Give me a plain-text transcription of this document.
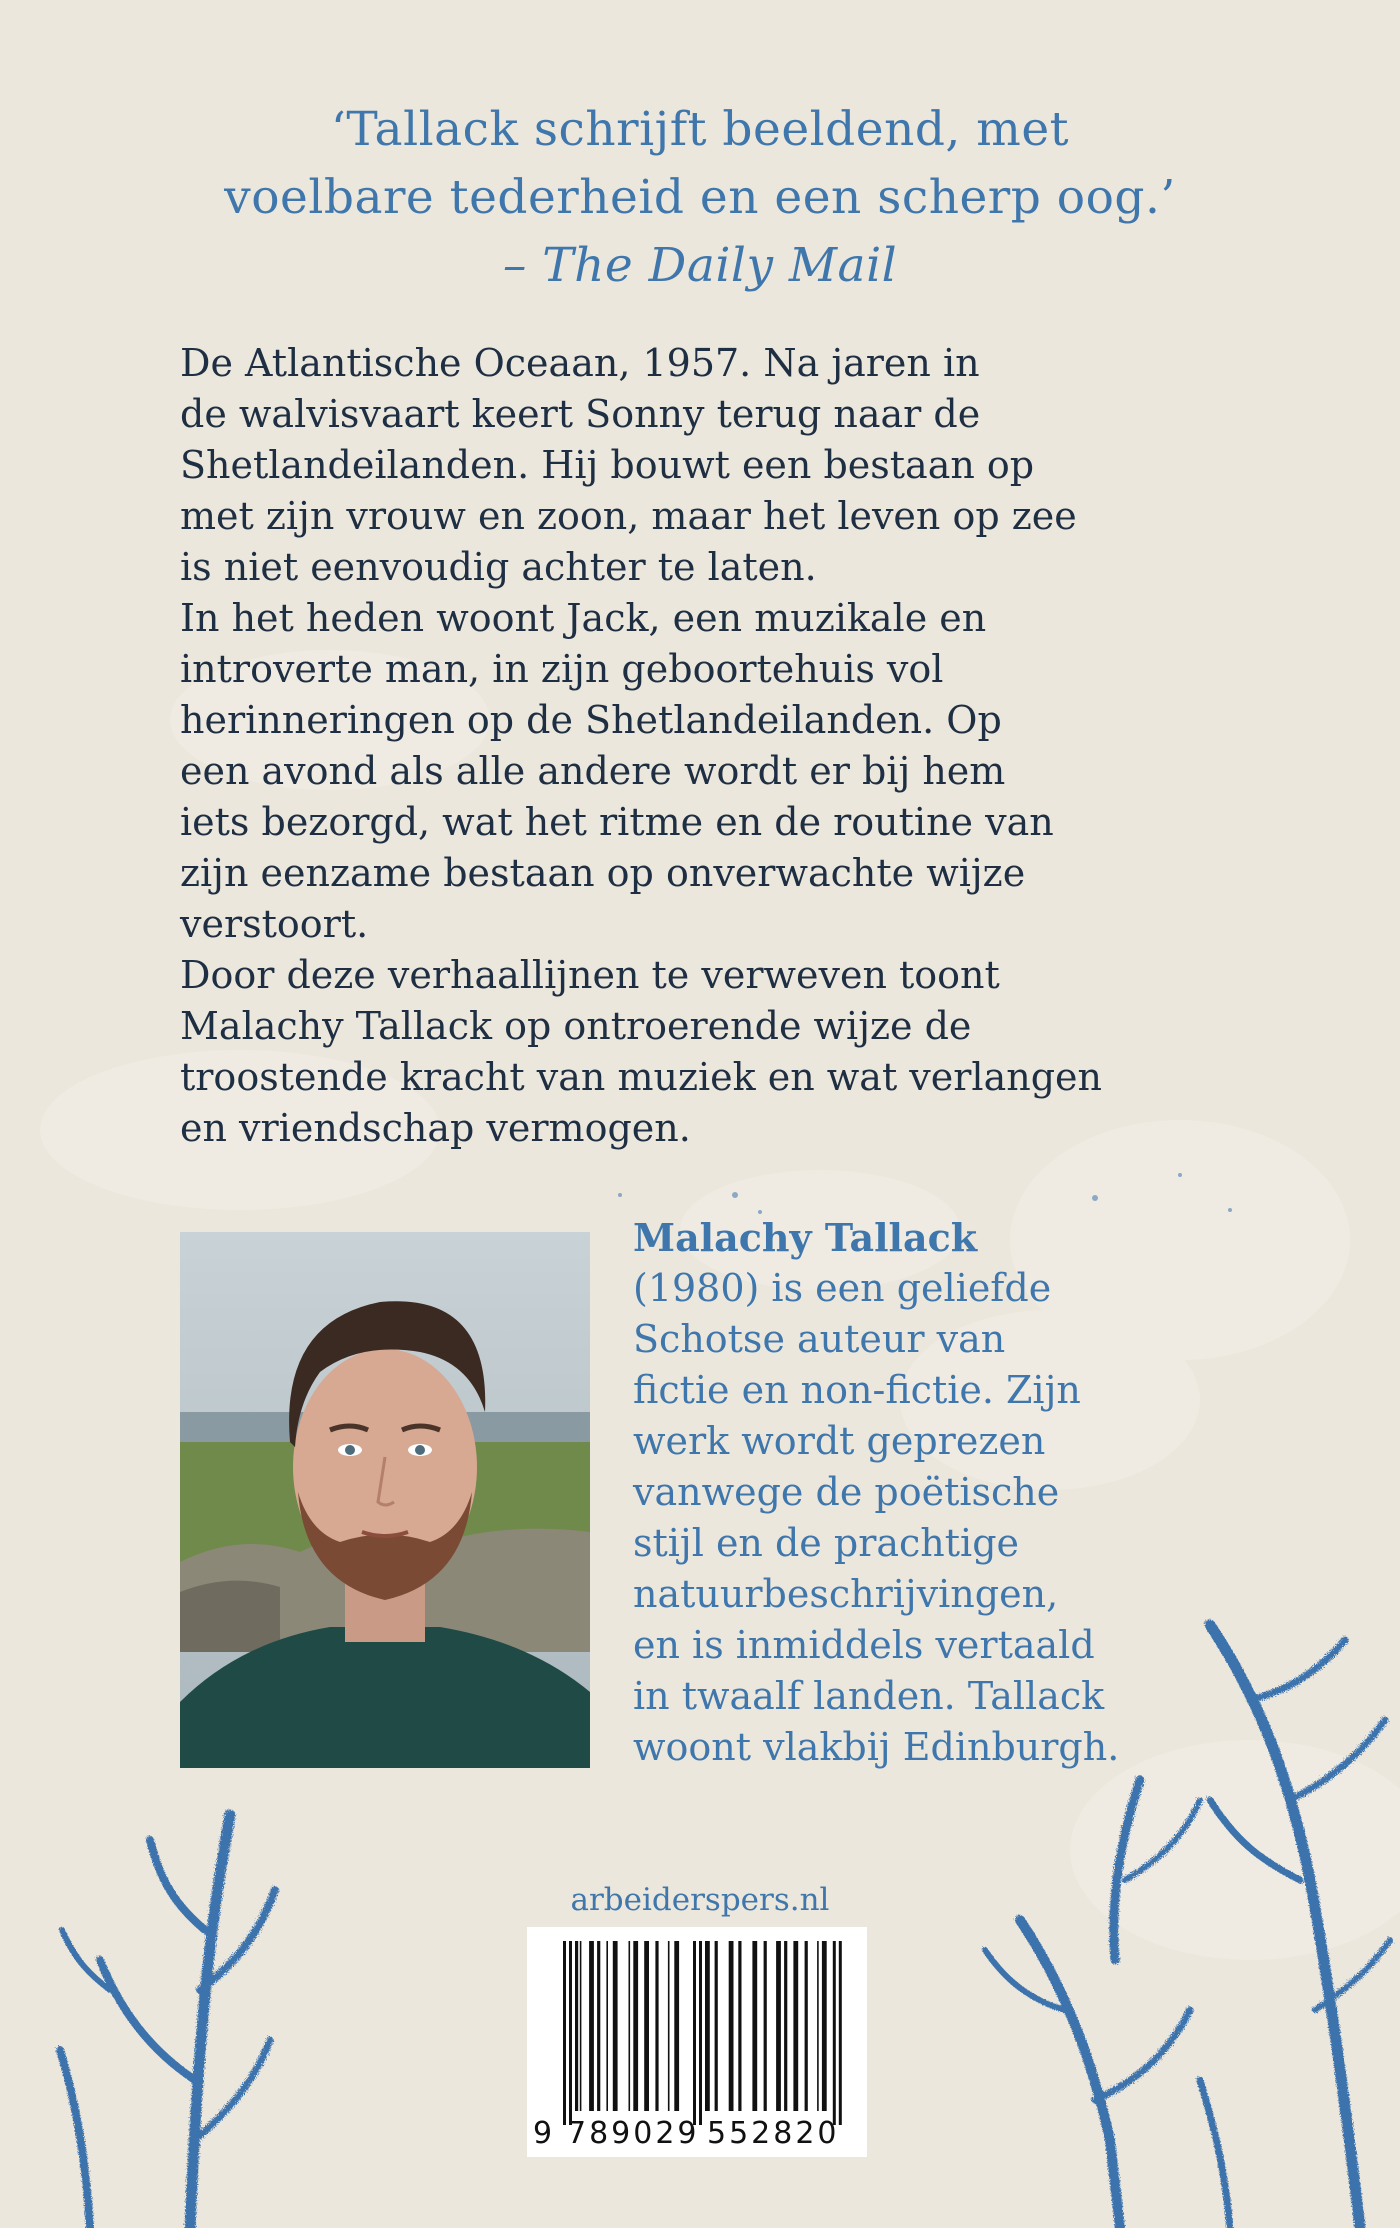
‘Tallack schrijft beeldend, met
voelbare tederheid en een scherp oog.’
– The Daily Mail

De Atlantische Oceaan, 1957. Na jaren in

de walvisvaart keert Sonny terug naar de

Shetlandeilanden. Hij bouwt een bestaan op

met zijn vrouw en zoon, maar het leven op zee

is niet eenvoudig achter te laten.

In het heden woont Jack, een muzikale en

introverte man, in zijn geboortehuis vol

herinneringen op de Shetlandeilanden. Op

een avond als alle andere wordt er bij hem

iets bezorgd, wat het ritme en de routine van

zijn eenzame bestaan op onverwachte wijze

verstoort.

Door deze verhaallijnen te verweven toont

Malachy Tallack op ontroerende wijze de

troostende kracht van muziek en wat verlangen

en vriendschap vermogen.

Malachy Tallack
(1980) is een geliefde
Schotse auteur van
fictie en non-fictie. Zijn
werk wordt geprezen
vanwege de poëtische
stijl en de prachtige
natuurbeschrijvingen,
en is inmiddels vertaald
in twaalf landen. Tallack
woont vlakbij Edinburgh.
arbeiderspers.nl

9

789029

552820
